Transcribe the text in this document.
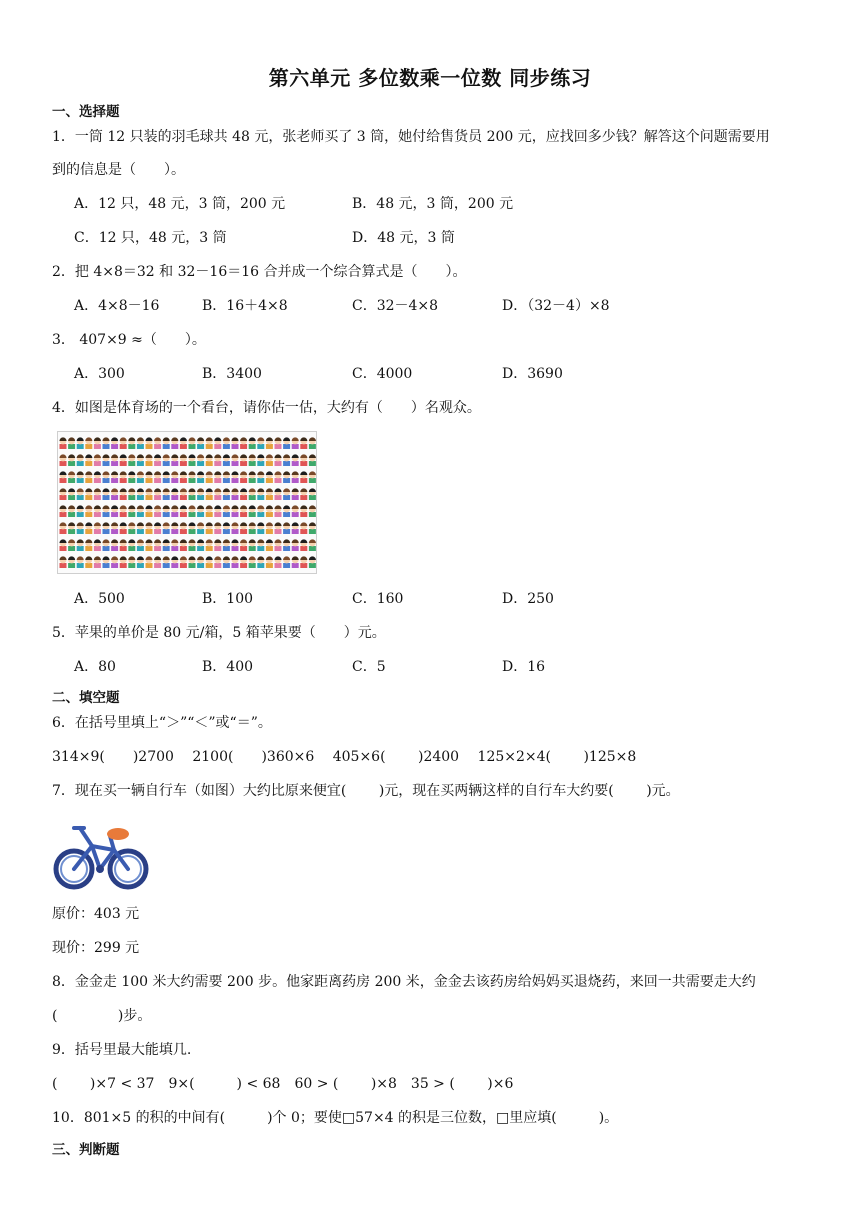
第六单元 多位数乘一位数 同步练习
一、选择题
1．一筒 12 只装的羽毛球共 48 元，张老师买了 3 筒，她付给售货员 200 元，应找回多少钱？解答这个问题需要用
到的信息是（　　）。
A．12 只，48 元，3 筒，200 元	B．48 元，3 筒，200 元
C．12 只，48 元，3 筒	D．48 元，3 筒
2．把 4×8＝32 和 32－16＝16 合并成一个综合算式是（　　）。
A．4×8－16	B．16＋4×8	C．32－4×8	D．（32－4）×8
3． 407×9 ≈（　　）。
A．300	B．3400	C．4000	D．3690
4．如图是体育场的一个看台，请你估一估，大约有（　　）名观众。
A．500	B．100	C．160	D．250
5．苹果的单价是 80 元/箱，5 箱苹果要（　　）元。
A．80	B．400	C．5	D．16
二、填空题
6．在括号里填上“＞”“＜”或“＝”。
314×9(　　)2700　 2100(　　)360×6　 405×6(　　 )2400　 125×2×4(　　 )125×8
7．现在买一辆自行车（如图）大约比原来便宜(　　 )元，现在买两辆这样的自行车大约要(　　 )元。
原价：403 元
现价：299 元
8．金金走 100 米大约需要 200 步。他家距离药房 200 米，金金去该药房给妈妈买退烧药，来回一共需要走大约
(　　　　 )步。
9．括号里最大能填几.
(　　 )×7 < 37　9×(　　　) < 68　60 > (　　 )×8　35 > (　　 )×6
10．801×5 的积的中间有(　　　)个 0；要使□57×4 的积是三位数，□里应填(　　　)。
三、判断题
